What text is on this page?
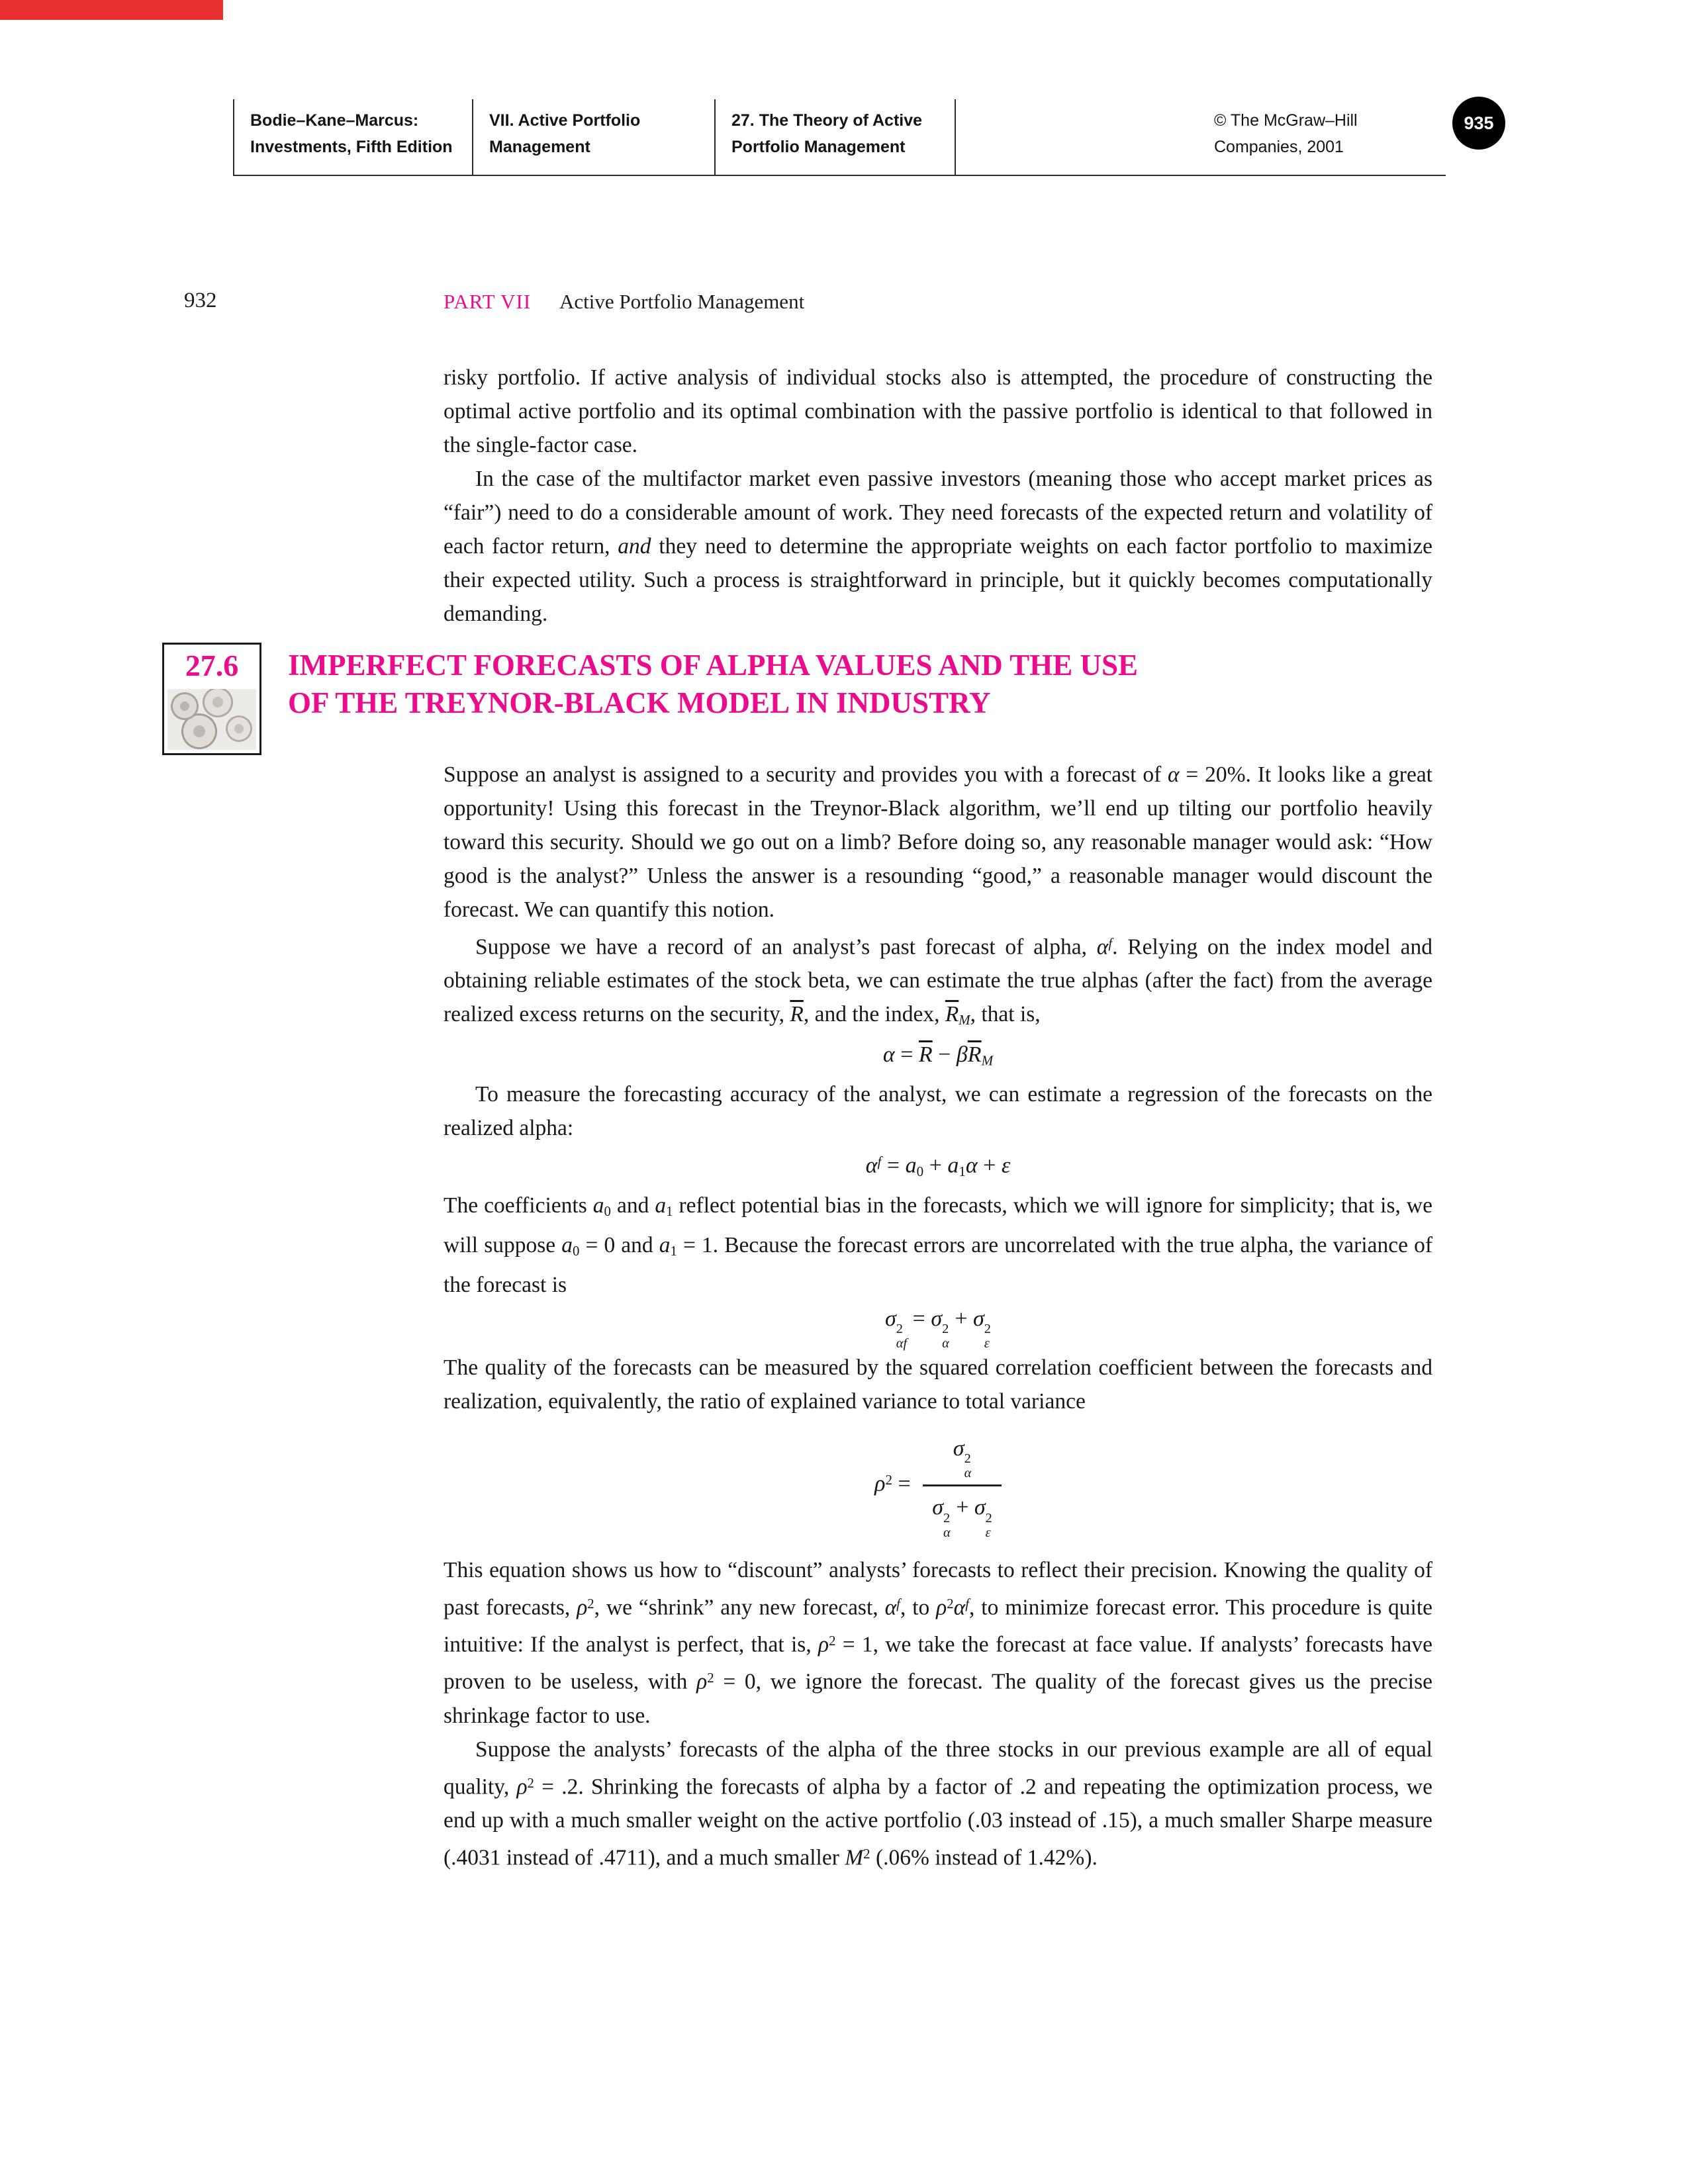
Bodie–Kane–Marcus:
Investments, Fifth Edition
VII. Active Portfolio
Management
27. The Theory of Active
Portfolio Management
© The McGraw–Hill
Companies, 2001
935
932	PART VII Active Portfolio Management

risky portfolio. If active analysis of individual stocks also is attempted, the procedure of constructing the optimal active portfolio and its optimal combination with the passive portfolio is identical to that followed in the single-factor case.

In the case of the multifactor market even passive investors (meaning those who accept market prices as “fair”) need to do a considerable amount of work. They need forecasts of the expected return and volatility of each factor return, and they need to determine the appropriate weights on each factor portfolio to maximize their expected utility. Such a process is straightforward in principle, but it quickly becomes computationally demanding.

27.6	IMPERFECT FORECASTS OF ALPHA VALUES AND THE USE
OF THE TREYNOR-BLACK MODEL IN INDUSTRY

Suppose an analyst is assigned to a security and provides you with a forecast of α = 20%. It looks like a great opportunity! Using this forecast in the Treynor-Black algorithm, we’ll end up tilting our portfolio heavily toward this security. Should we go out on a limb? Before doing so, any reasonable manager would ask: “How good is the analyst?” Unless the answer is a resounding “good,” a reasonable manager would discount the forecast. We can quantify this notion.

Suppose we have a record of an analyst’s past forecast of alpha, $\alpha^f$. Relying on the index model and obtaining reliable estimates of the stock beta, we can estimate the true alphas (after the fact) from the average realized excess returns on the security, $\overline{R}$, and the index, $\overline{R}M$, that is,

$\alpha = \overline{R} - \beta\overline{R}M$

To measure the forecasting accuracy of the analyst, we can estimate a regression of the forecasts on the realized alpha:

$\alpha^f = a0 + a1\alpha + \varepsilon$

The coefficients a0 and a1 reflect potential bias in the forecasts, which we will ignore for simplicity; that is, we will suppose a0 = 0 and a1 = 1. Because the forecast errors are uncorrelated with the true alpha, the variance of the forecast is

σ 2
αf
= σ 2
α
+ σ 2
ε

The quality of the forecasts can be measured by the squared correlation coefficient between the forecasts and realization, equivalently, the ratio of explained variance to total variance

$\rho^2 = \sigma$ 2
α
σ 2
α
+ σ 2
ε

This equation shows us how to “discount” analysts’ forecasts to reflect their precision. Knowing the quality of past forecasts, $\rho^2$, we “shrink” any new forecast, $\alpha^f$, to $\rho^2\alpha^f$, to minimize forecast error. This procedure is quite intuitive: If the analyst is perfect, that is, $\rho^2 = 1$, we take the forecast at face value. If analysts’ forecasts have proven to be useless, with $\rho^2 = 0$, we ignore the forecast. The quality of the forecast gives us the precise shrinkage factor to use.

Suppose the analysts’ forecasts of the alpha of the three stocks in our previous example are all of equal quality, $\rho^2 = .2$. Shrinking the forecasts of alpha by a factor of .2 and repeating the optimization process, we end up with a much smaller weight on the active portfolio (.03 instead of .15), a much smaller Sharpe measure (.4031 instead of .4711), and a much smaller $M^2$ (.06% instead of 1.42%).
